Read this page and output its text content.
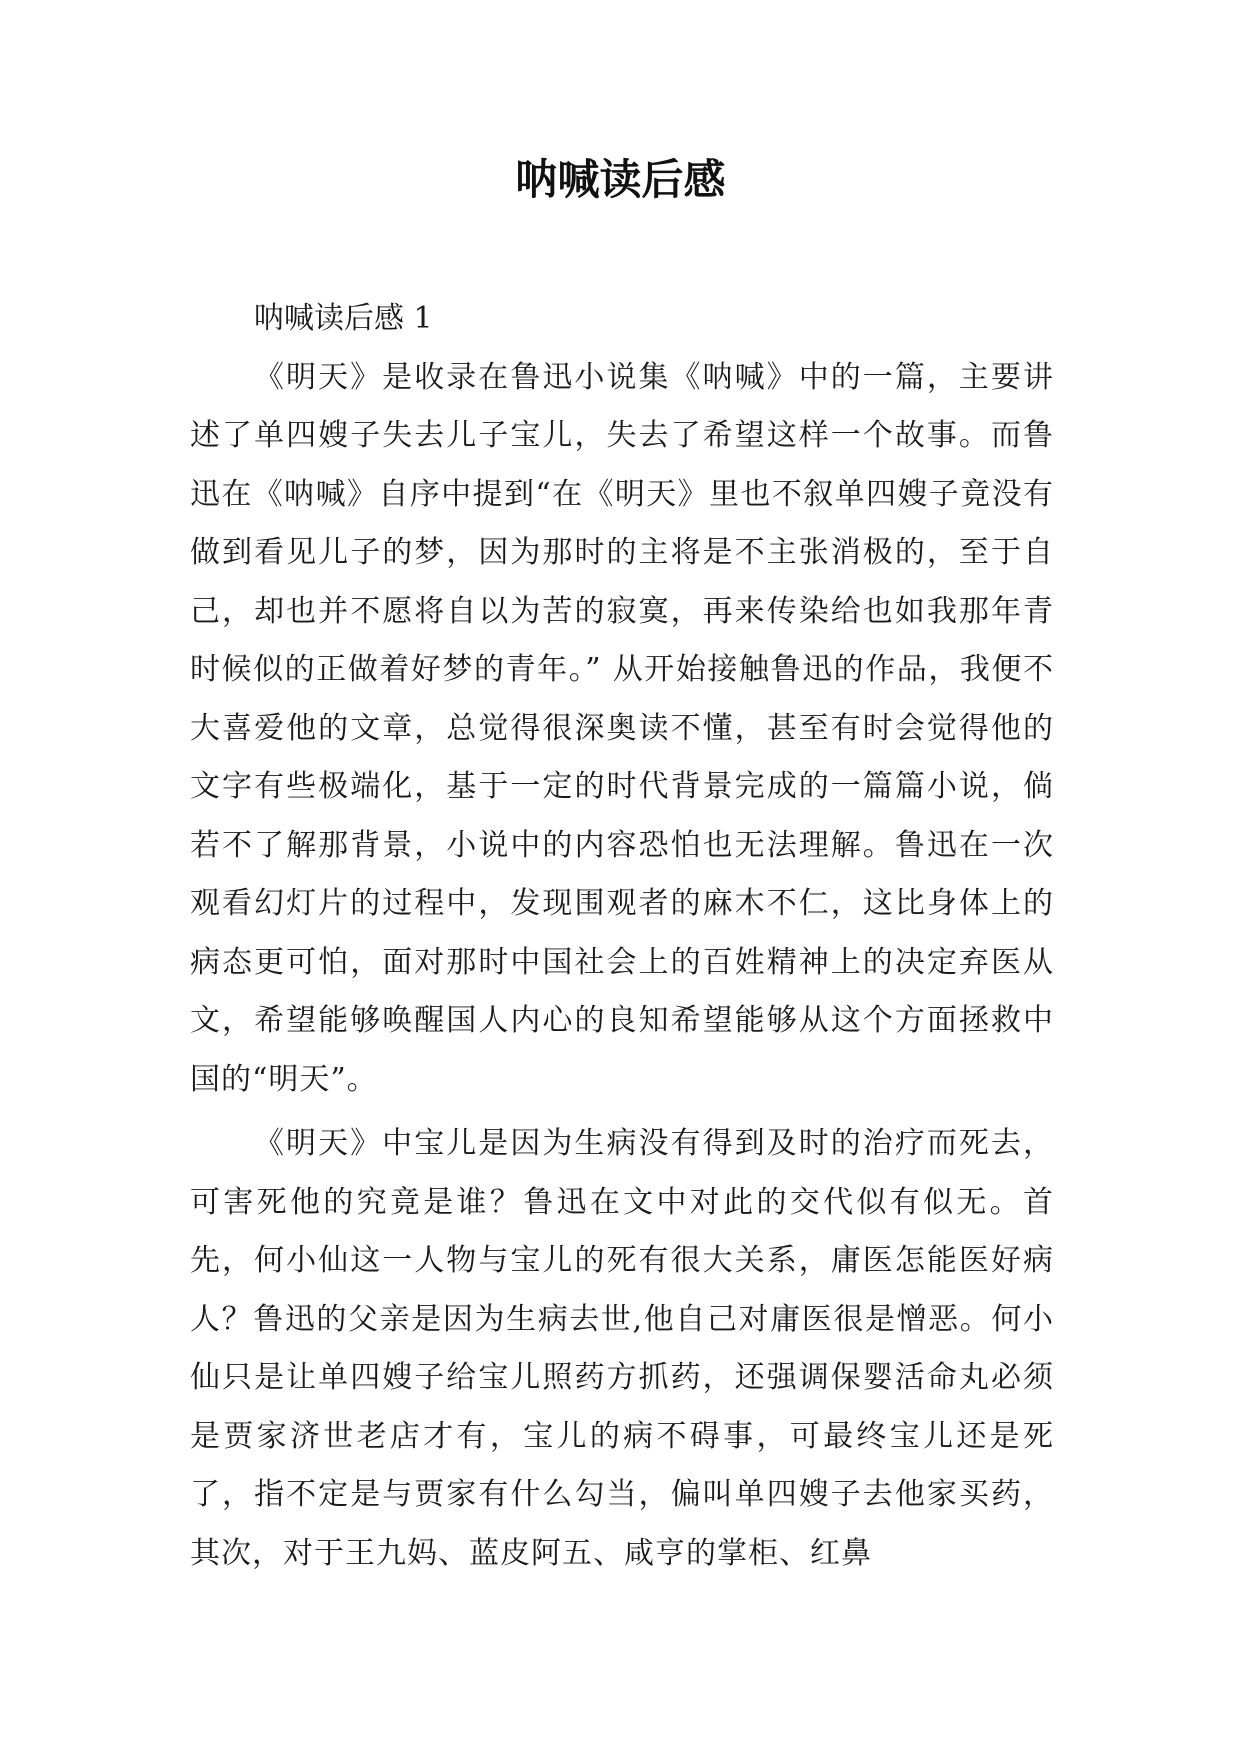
呐喊读后感

呐喊读后感 1

《明天》是收录在鲁迅小说集《呐喊》中的一篇，主要讲述了单四嫂子失去儿子宝儿，失去了希望这样一个故事。而鲁迅在《呐喊》自序中提到“在《明天》里也不叙单四嫂子竟没有做到看见儿子的梦，因为那时的主将是不主张消极的，至于自己，却也并不愿将自以为苦的寂寞，再来传染给也如我那年青时候似的正做着好梦的青年。” 从开始接触鲁迅的作品，我便不大喜爱他的文章，总觉得很深奥读不懂，甚至有时会觉得他的文字有些极端化，基于一定的时代背景完成的一篇篇小说，倘若不了解那背景，小说中的内容恐怕也无法理解。鲁迅在一次观看幻灯片的过程中，发现围观者的麻木不仁，这比身体上的病态更可怕，面对那时中国社会上的百姓精神上的决定弃医从文，希望能够唤醒国人内心的良知希望能够从这个方面拯救中国的“明天”。

《明天》中宝儿是因为生病没有得到及时的治疗而死去，可害死他的究竟是谁？鲁迅在文中对此的交代似有似无。首先，何小仙这一人物与宝儿的死有很大关系，庸医怎能医好病人？鲁迅的父亲是因为生病去世,他自己对庸医很是憎恶。何小仙只是让单四嫂子给宝儿照药方抓药，还强调保婴活命丸必须是贾家济世老店才有，宝儿的病不碍事，可最终宝儿还是死了，指不定是与贾家有什么勾当，偏叫单四嫂子去他家买药，其次，对于王九妈、蓝皮阿五、咸亨的掌柜、红鼻
